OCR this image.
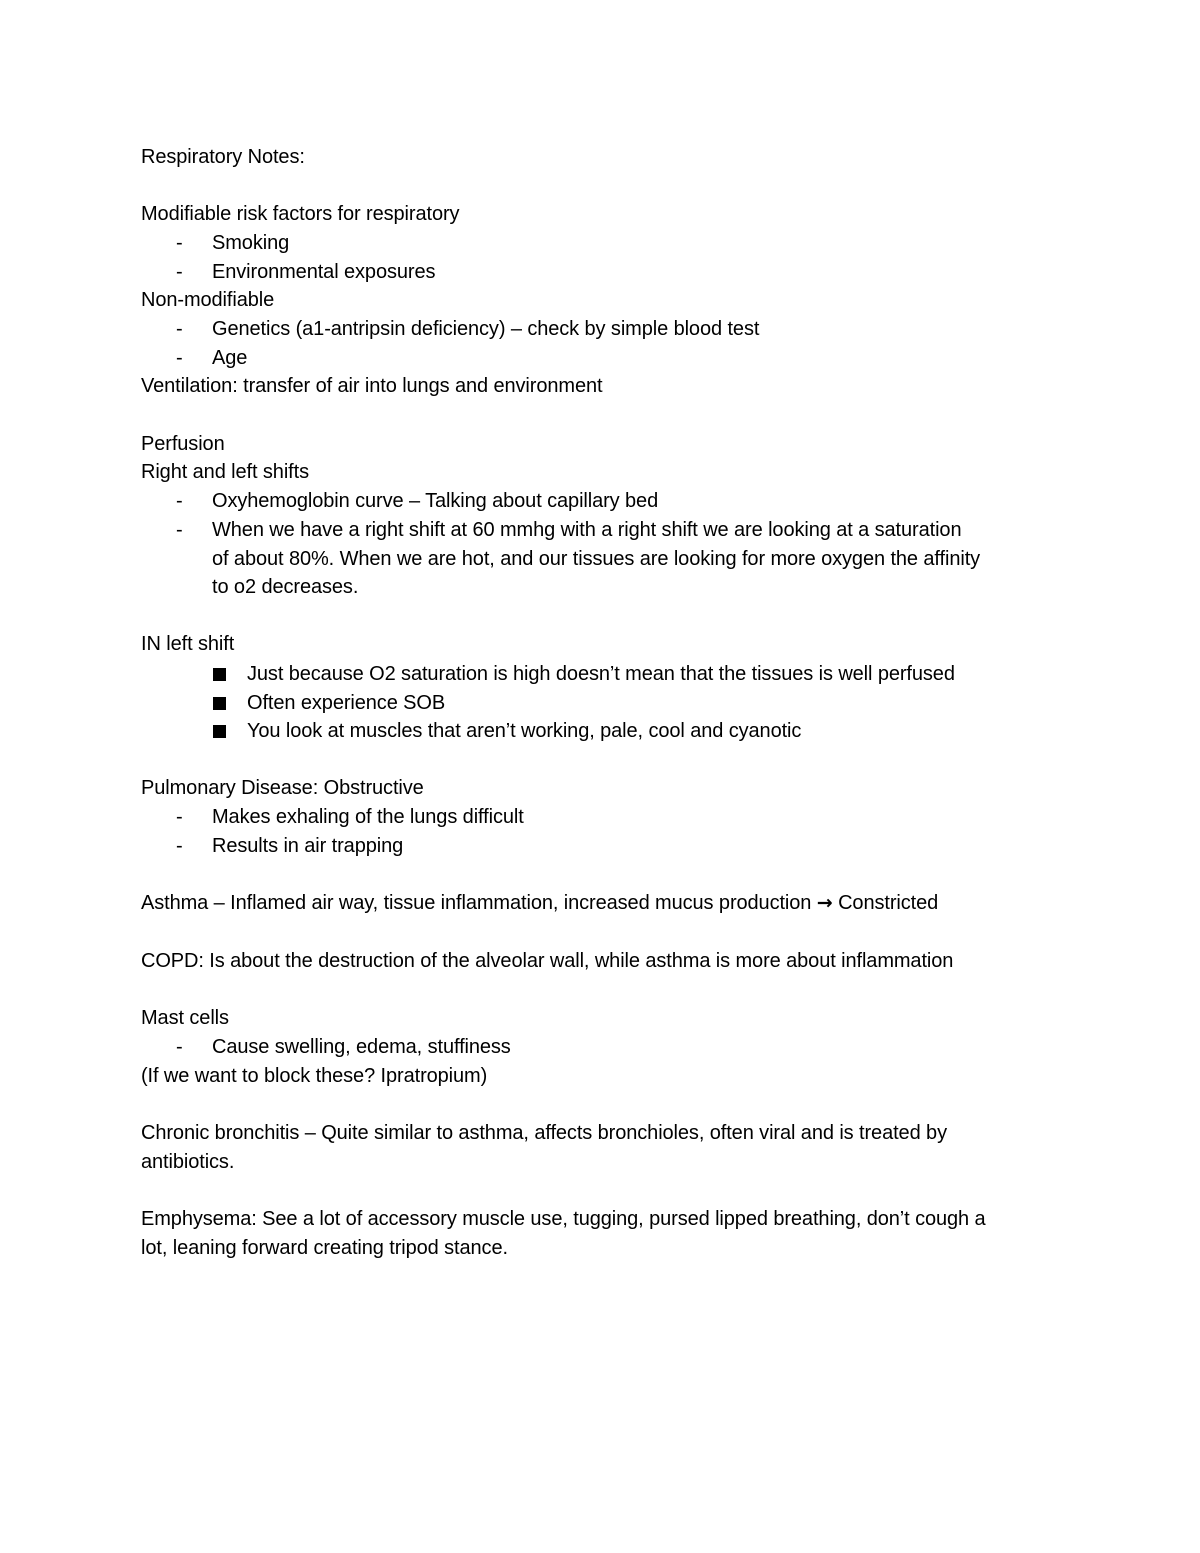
Respiratory Notes:
Modifiable risk factors for respiratory
- Smoking
- Environmental exposures
Non-modifiable
- Genetics (a1-antripsin deficiency) – check by simple blood test
- Age
Ventilation: transfer of air into lungs and environment
Perfusion
Right and left shifts
- Oxyhemoglobin curve – Talking about capillary bed
- When we have a right shift at 60 mmhg with a right shift we are looking at a saturation
of about 80%. When we are hot, and our tissues are looking for more oxygen the affinity
to o2 decreases.
IN left shift
Just because O2 saturation is high doesn’t mean that the tissues is well perfused
Often experience SOB
You look at muscles that aren’t working, pale, cool and cyanotic
Pulmonary Disease: Obstructive
- Makes exhaling of the lungs difficult
- Results in air trapping
Asthma – Inflamed air way, tissue inflammation, increased mucus production → Constricted
COPD: Is about the destruction of the alveolar wall, while asthma is more about inflammation
Mast cells
- Cause swelling, edema, stuffiness
(If we want to block these? Ipratropium)
Chronic bronchitis – Quite similar to asthma, affects bronchioles, often viral and is treated by
antibiotics.
Emphysema: See a lot of accessory muscle use, tugging, pursed lipped breathing, don’t cough a
lot, leaning forward creating tripod stance.
